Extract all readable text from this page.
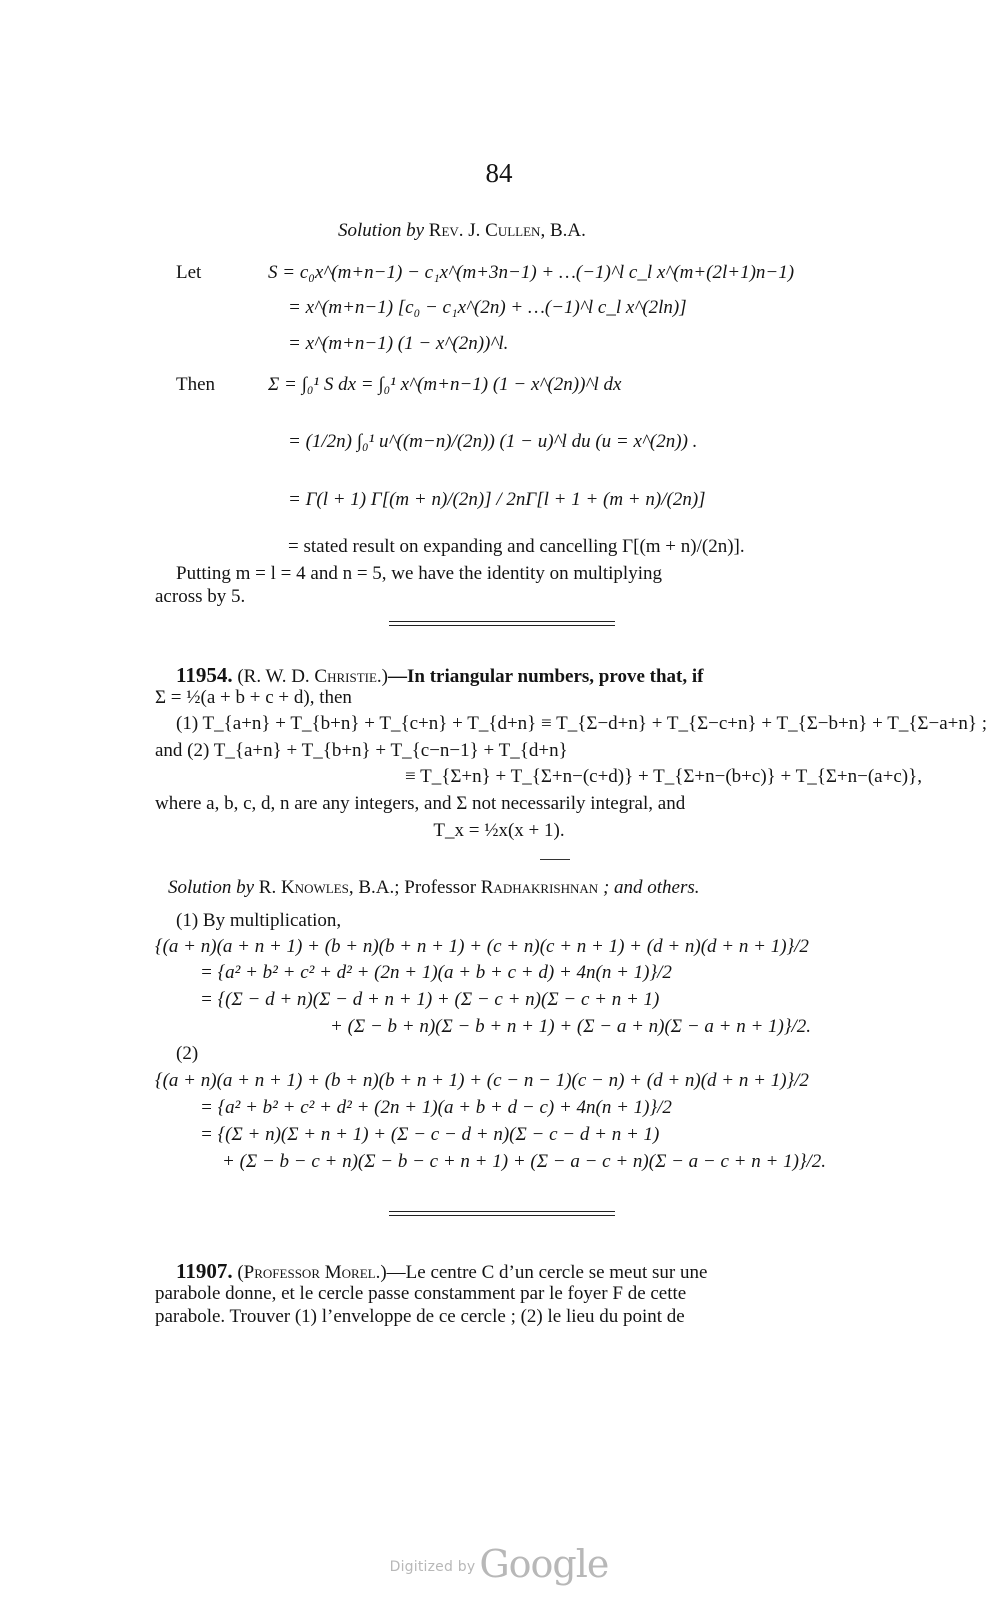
84
Solution by Rev. J. Cullen, B.A.
Let	S = c₀x^(m+n−1) − c₁x^(m+3n−1) + …(−1)^l c_l x^(m+(2l+1)n−1)
= x^(m+n−1) [c₀ − c₁x^(2n) + …(−1)^l c_l x^(2ln)]
= x^(m+n−1) (1 − x^(2n))^l.
Then	Σ = ∫₀¹ S dx = ∫₀¹ x^(m+n−1) (1 − x^(2n))^l dx
= (1/2n) ∫₀¹ u^((m−n)/(2n)) (1 − u)^l du (u = x^(2n)) .
= Γ(l + 1) Γ[(m + n)/(2n)] / 2nΓ[l + 1 + (m + n)/(2n)]
= stated result on expanding and cancelling Γ[(m + n)/(2n)].
Putting m = l = 4 and n = 5, we have the identity on multiplying
across by 5.
11954. (R. W. D. Christie.)—In triangular numbers, prove that, if
Σ = ½(a + b + c + d), then
(1) T_{a+n} + T_{b+n} + T_{c+n} + T_{d+n} ≡ T_{Σ−d+n} + T_{Σ−c+n} + T_{Σ−b+n} + T_{Σ−a+n} ;
and (2) T_{a+n} + T_{b+n} + T_{c−n−1} + T_{d+n}
≡ T_{Σ+n} + T_{Σ+n−(c+d)} + T_{Σ+n−(b+c)} + T_{Σ+n−(a+c)},
where a, b, c, d, n are any integers, and Σ not necessarily integral, and
T_x = ½x(x + 1).
Solution by R. Knowles, B.A.; Professor Radhakrishnan ; and others.
(1) By multiplication,
{(a + n)(a + n + 1) + (b + n)(b + n + 1) + (c + n)(c + n + 1) + (d + n)(d + n + 1)}/2
= {a² + b² + c² + d² + (2n + 1)(a + b + c + d) + 4n(n + 1)}/2
= {(Σ − d + n)(Σ − d + n + 1) + (Σ − c + n)(Σ − c + n + 1)
+ (Σ − b + n)(Σ − b + n + 1) + (Σ − a + n)(Σ − a + n + 1)}/2.
(2)
{(a + n)(a + n + 1) + (b + n)(b + n + 1) + (c − n − 1)(c − n) + (d + n)(d + n + 1)}/2
= {a² + b² + c² + d² + (2n + 1)(a + b + d − c) + 4n(n + 1)}/2
= {(Σ + n)(Σ + n + 1) + (Σ − c − d + n)(Σ − c − d + n + 1)
+ (Σ − b − c + n)(Σ − b − c + n + 1) + (Σ − a − c + n)(Σ − a − c + n + 1)}/2.
11907. (Professor Morel.)—Le centre C d’un cercle se meut sur une
parabole donne, et le cercle passe constamment par le foyer F de cette
parabole. Trouver (1) l’enveloppe de ce cercle ; (2) le lieu du point de
Digitized by Google
